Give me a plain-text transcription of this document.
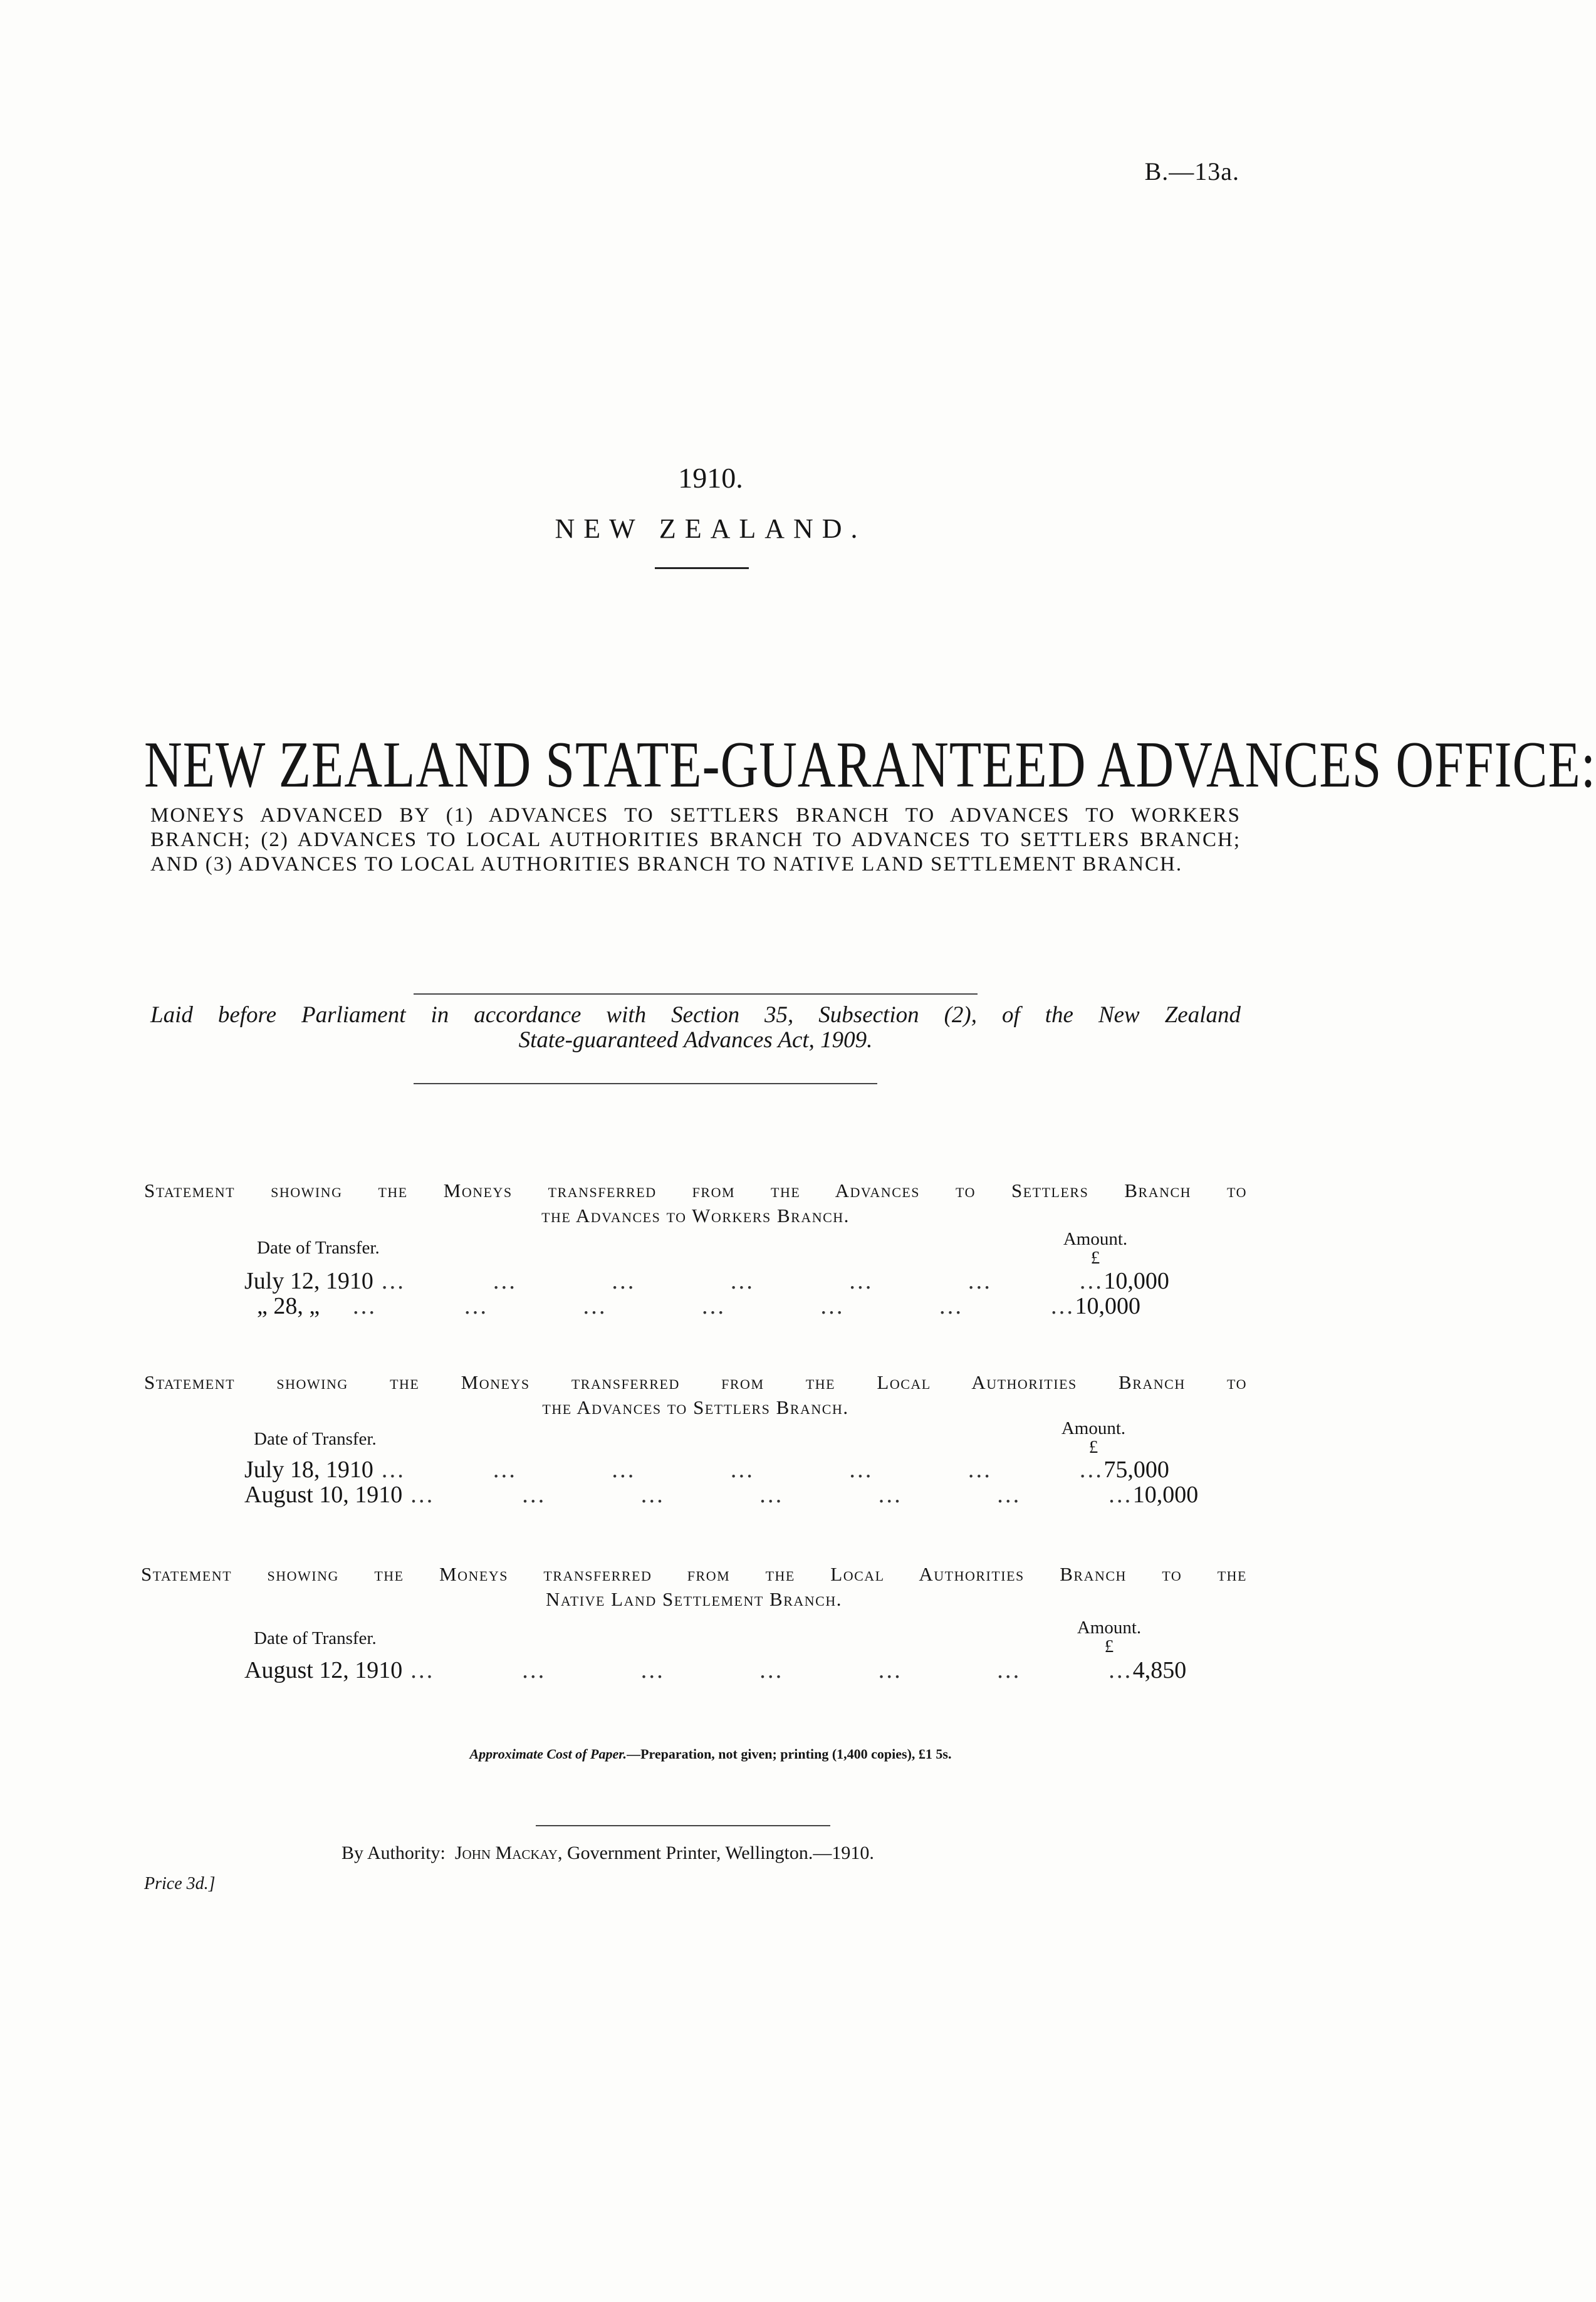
B.—13a.
1910.
NEW ZEALAND.
NEW ZEALAND STATE-GUARANTEED ADVANCES OFFICE:
MONEYS ADVANCED BY (1) ADVANCES TO SETTLERS BRANCH TO ADVANCES TO WORKERS BRANCH; (2) ADVANCES TO LOCAL AUTHORITIES BRANCH TO ADVANCES TO SETTLERS BRANCH; AND (3) ADVANCES TO LOCAL AUTHORITIES BRANCH TO NATIVE LAND SETTLEMENT BRANCH.
Laid before Parliament in accordance with Section 35, Subsection (2), of the New Zealand
State-guaranteed Advances Act, 1909.
Statement showing the Moneys transferred from the Advances to Settlers Branch to
the Advances to Workers Branch.
Date of Transfer.	Amount.
£
July 12, 1910 …            …             …             …             …             …            … 10,000
„ 28, „	…            …             …             …             …             …            … 10,000
Statement showing the Moneys transferred from the Local Authorities Branch to
the Advances to Settlers Branch.
Date of Transfer.
Amount.
£
July 18, 1910 …            …             …             …             …             …            … 75,000
August 10, 1910 …            …             …             …             …             …            … 10,000
Statement showing the Moneys transferred from the Local Authorities Branch to the
Native Land Settlement Branch.
Date of Transfer.
Amount.
£
August 12, 1910 …            …             …             …             …             …            … 4,850
Approximate Cost of Paper.—Preparation, not given; printing (1,400 copies), £1 5s.
By Authority: John Mackay, Government Printer, Wellington.—1910.
Price 3d.]
